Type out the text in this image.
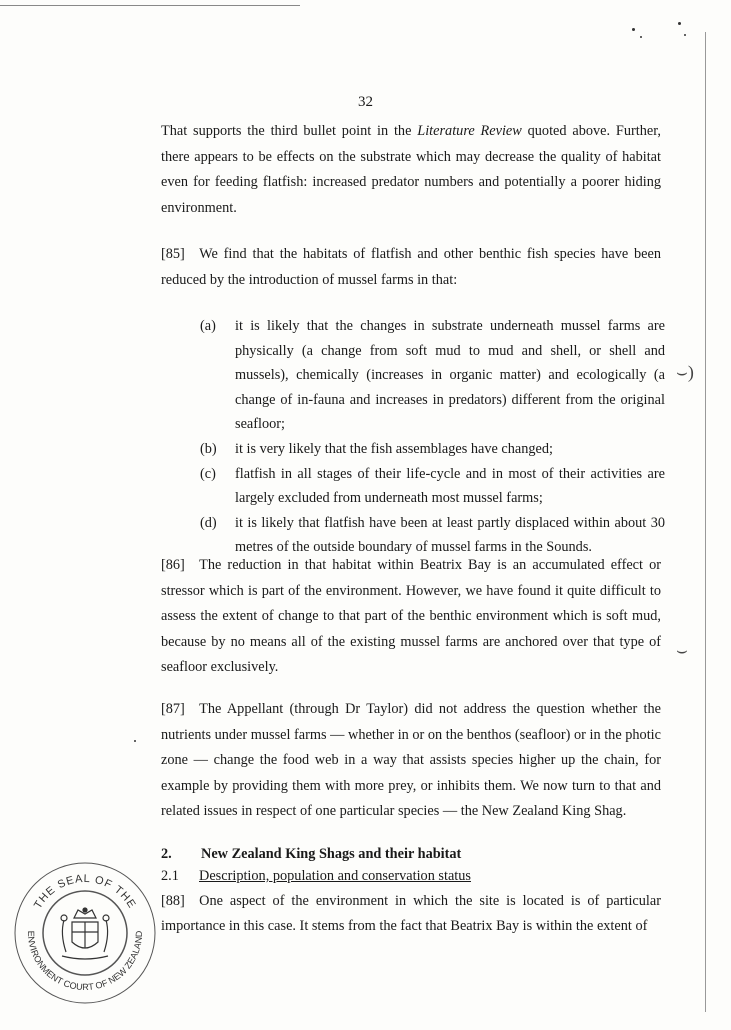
⌣)
⌣
32

That supports the third bullet point in the Literature Review quoted above. Further, there appears to be effects on the substrate which may decrease the quality of habitat even for feeding flatfish: increased predator numbers and potentially a poorer hiding environment.

[85] We find that the habitats of flatfish and other benthic fish species have been reduced by the introduction of mussel farms in that:

(a)	it is likely that the changes in substrate underneath mussel farms are physically (a change from soft mud to mud and shell, or shell and mussels), chemically (increases in organic matter) and ecologically (a change of in-fauna and increases in predators) different from the original seafloor;
(b)	it is very likely that the fish assemblages have changed;
(c)	flatfish in all stages of their life-cycle and in most of their activities are largely excluded from underneath most mussel farms;
(d)	it is likely that flatfish have been at least partly displaced within about 30 metres of the outside boundary of mussel farms in the Sounds.

[86] The reduction in that habitat within Beatrix Bay is an accumulated effect or stressor which is part of the environment. However, we have found it quite difficult to assess the extent of change to that part of the benthic environment which is soft mud, because by no means all of the existing mussel farms are anchored over that type of seafloor exclusively.

[87] The Appellant (through Dr Taylor) did not address the question whether the nutrients under mussel farms — whether in or on the benthos (seafloor) or in the photic zone — change the food web in a way that assists species higher up the chain, for example by providing them with more prey, or inhibits them. We now turn to that and related issues in respect of one particular species — the New Zealand King Shag.

2. New Zealand King Shags and their habitat
2.1 Description, population and conservation status

[88] One aspect of the environment in which the site is located is of particular importance in this case. It stems from the fact that Beatrix Bay is within the extent of

THE SEAL OF THE
ENVIRONMENT COURT OF NEW ZEALAND
